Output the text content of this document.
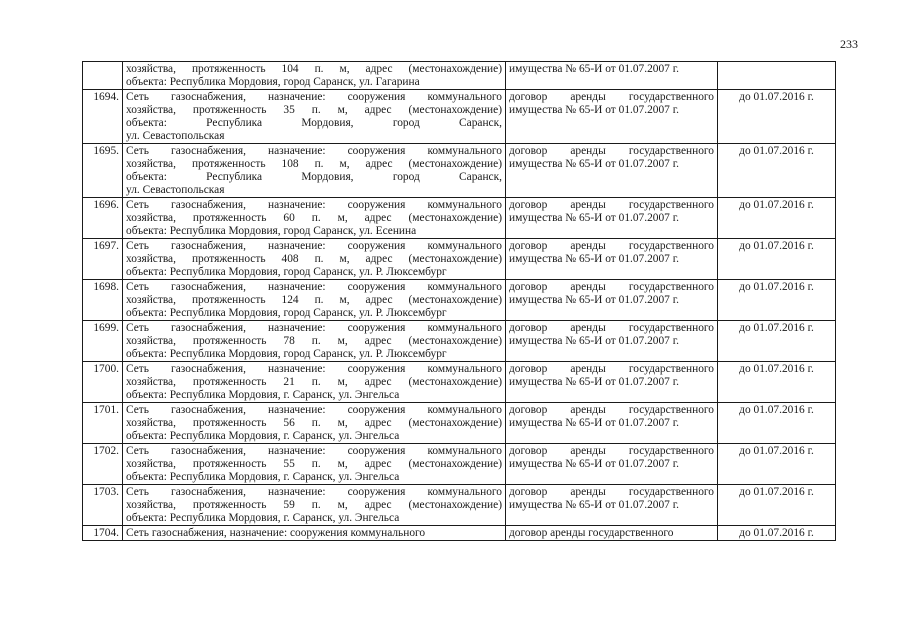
233

	хозяйства, протяженность 104 п. м, адрес (местонахождение)
объекта: Республика Мордовия, город Саранск, ул. Гагарина	имущества № 65-И от 01.07.2007 г.	

1694.	Сеть газоснабжения, назначение: сооружения коммунального
хозяйства, протяженность 35 п. м, адрес (местонахождение)
объекта: Республика Мордовия, город Саранск,
ул. Севастопольская	договор аренды государственного
имущества № 65-И от 01.07.2007 г.	до 01.07.2016 г.
1695.	Сеть газоснабжения, назначение: сооружения коммунального
хозяйства, протяженность 108 п. м, адрес (местонахождение)
объекта: Республика Мордовия, город Саранск,
ул. Севастопольская	договор аренды государственного
имущества № 65-И от 01.07.2007 г.	до 01.07.2016 г.
1696.	Сеть газоснабжения, назначение: сооружения коммунального
хозяйства, протяженность 60 п. м, адрес (местонахождение)
объекта: Республика Мордовия, город Саранск, ул. Есенина	договор аренды государственного
имущества № 65-И от 01.07.2007 г.	до 01.07.2016 г.
1697.	Сеть газоснабжения, назначение: сооружения коммунального
хозяйства, протяженность 408 п. м, адрес (местонахождение)
объекта: Республика Мордовия, город Саранск, ул. Р. Люксембург	договор аренды государственного
имущества № 65-И от 01.07.2007 г.	до 01.07.2016 г.
1698.	Сеть газоснабжения, назначение: сооружения коммунального
хозяйства, протяженность 124 п. м, адрес (местонахождение)
объекта: Республика Мордовия, город Саранск, ул. Р. Люксембург	договор аренды государственного
имущества № 65-И от 01.07.2007 г.	до 01.07.2016 г.
1699.	Сеть газоснабжения, назначение: сооружения коммунального
хозяйства, протяженность 78 п. м, адрес (местонахождение)
объекта: Республика Мордовия, город Саранск, ул. Р. Люксембург	договор аренды государственного
имущества № 65-И от 01.07.2007 г.	до 01.07.2016 г.
1700.	Сеть газоснабжения, назначение: сооружения коммунального
хозяйства, протяженность 21 п. м, адрес (местонахождение)
объекта: Республика Мордовия, г. Саранск, ул. Энгельса	договор аренды государственного
имущества № 65-И от 01.07.2007 г.	до 01.07.2016 г.
1701.	Сеть газоснабжения, назначение: сооружения коммунального
хозяйства, протяженность 56 п. м, адрес (местонахождение)
объекта: Республика Мордовия, г. Саранск, ул. Энгельса	договор аренды государственного
имущества № 65-И от 01.07.2007 г.	до 01.07.2016 г.
1702.	Сеть газоснабжения, назначение: сооружения коммунального
хозяйства, протяженность 55 п. м, адрес (местонахождение)
объекта: Республика Мордовия, г. Саранск, ул. Энгельса	договор аренды государственного
имущества № 65-И от 01.07.2007 г.	до 01.07.2016 г.
1703.	Сеть газоснабжения, назначение: сооружения коммунального
хозяйства, протяженность 59 п. м, адрес (местонахождение)
объекта: Республика Мордовия, г. Саранск, ул. Энгельса	договор аренды государственного
имущества № 65-И от 01.07.2007 г.	до 01.07.2016 г.
1704.	Сеть газоснабжения, назначение: сооружения коммунального	договор аренды государственного	до 01.07.2016 г.
